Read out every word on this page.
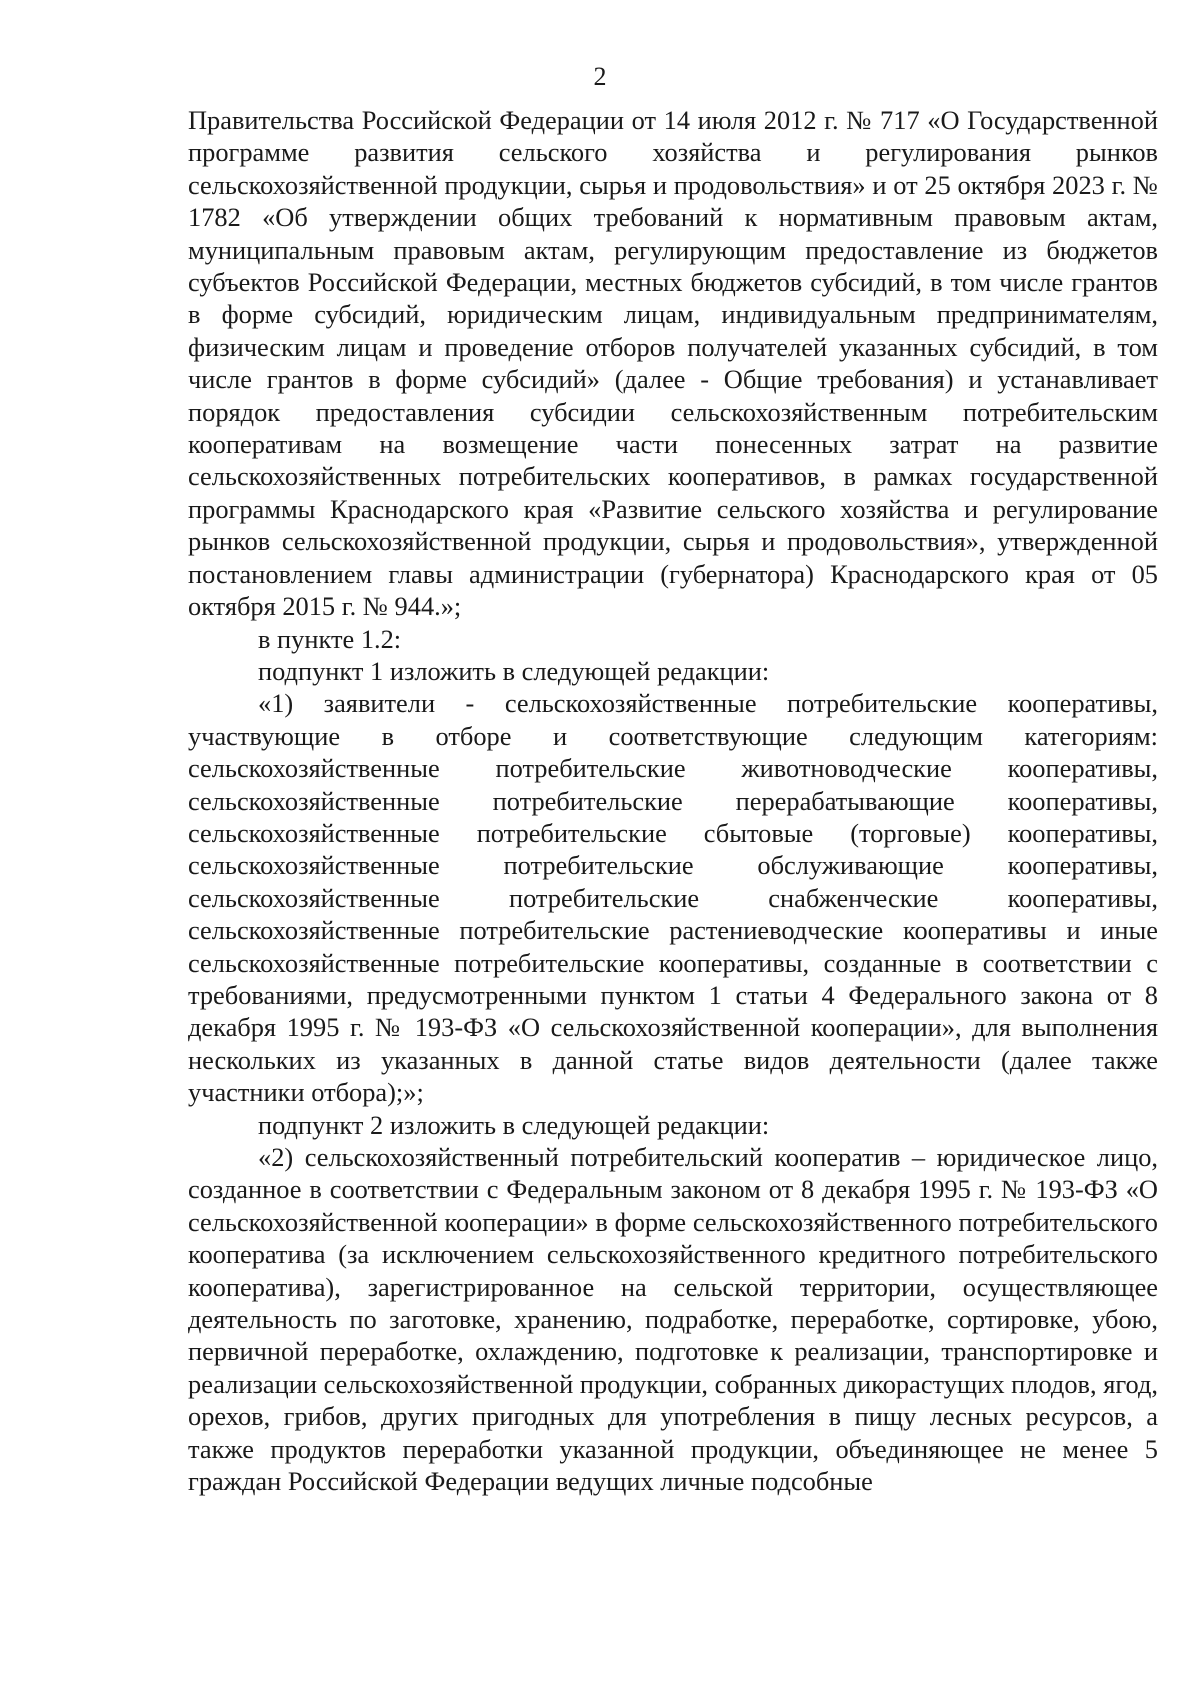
2

Правительства Российской Федерации от 14 июля 2012 г. № 717 «О Государственной программе развития сельского хозяйства и регулирования рынков сельскохозяйственной продукции, сырья и продовольствия» и от 25 октября 2023 г. № 1782 «Об утверждении общих требований к нормативным правовым актам, муниципальным правовым актам, регулирующим предоставление из бюджетов субъектов Российской Федерации, местных бюджетов субсидий, в том числе грантов в форме субсидий, юридическим лицам, индивидуальным предпринимателям, физическим лицам и проведение отборов получателей указанных субсидий, в том числе грантов в форме субсидий» (далее - Общие требования) и устанавливает порядок предоставления субсидии сельскохозяйственным потребительским кооперативам на возмещение части понесенных затрат на развитие сельскохозяйственных потребительских кооперативов, в рамках государственной программы Краснодарского края «Развитие сельского хозяйства и регулирование рынков сельскохозяйственной продукции, сырья и продовольствия», утвержденной постановлением главы администрации (губернатора) Краснодарского края от 05 октября 2015 г. № 944.»;

в пункте 1.2:

подпункт 1 изложить в следующей редакции:

«1) заявители - сельскохозяйственные потребительские кооперативы, участвующие в отборе и соответствующие следующим категориям: сельскохозяйственные потребительские животноводческие кооперативы, сельскохозяйственные потребительские перерабатывающие кооперативы, сельскохозяйственные потребительские сбытовые (торговые) кооперативы, сельскохозяйственные потребительские обслуживающие кооперативы, сельскохозяйственные потребительские снабженческие кооперативы, сельскохозяйственные потребительские растениеводческие кооперативы и иные сельскохозяйственные потребительские кооперативы, созданные в соответствии с требованиями, предусмотренными пунктом 1 статьи 4 Федерального закона от 8 декабря 1995 г. № 193-ФЗ «О сельскохозяйственной кооперации», для выполнения нескольких из указанных в данной статье видов деятельности (далее также участники отбора);»;

подпункт 2 изложить в следующей редакции:

«2) сельскохозяйственный потребительский кооператив – юридическое лицо, созданное в соответствии с Федеральным законом от 8 декабря 1995 г. № 193-ФЗ «О сельскохозяйственной кооперации» в форме сельскохозяйственного потребительского кооператива (за исключением сельскохозяйственного кредитного потребительского кооператива), зарегистрированное на сельской территории, осуществляющее деятельность по заготовке, хранению, подработке, переработке, сортировке, убою, первичной переработке, охлаждению, подготовке к реализации, транспортировке и реализации сельскохозяйственной продукции, собранных дикорастущих плодов, ягод, орехов, грибов, других пригодных для употребления в пищу лесных ресурсов, а также продуктов переработки указанной продукции, объединяющее не менее 5 граждан Российской Федерации ведущих личные подсобные
